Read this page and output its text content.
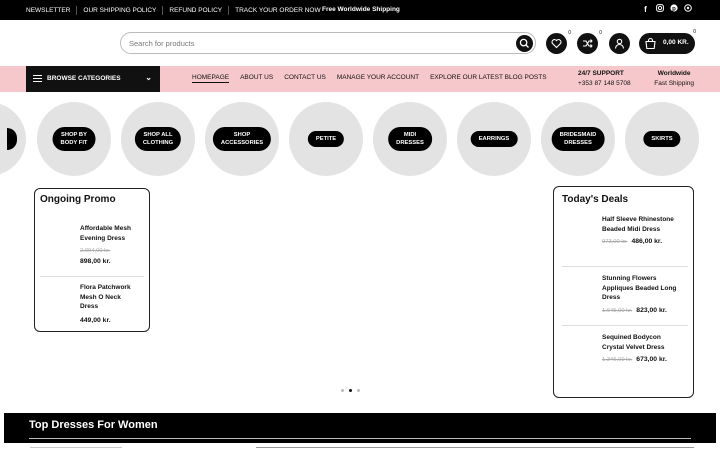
NEWSLETTER	OUR SHIPPING POLICY	REFUND POLICY	TRACK YOUR ORDER NOW Free Worldwide Shipping	f	p
Search for products
0	0
0,00 KR.
0
BROWSE CATEGORIES	⌄	HOMEPAGE ABOUT US CONTACT US MANAGE YOUR ACCOUNT EXPLORE OUR LATEST BLOG POSTS
24/7 SUPPORT
+353 87 148 5708
Worldwide
Fast Shipping
SHOP BY
BODY FIT
SHOP ALL
CLOTHING
SHOP
ACCESSORIES
PETITE
MIDI
DRESSES
EARRINGS
BRIDESMAID
DRESSES
SKIRTS
Ongoing Promo
Affordable Mesh
Evening Dress
2.094,00 kr.
898,00 kr.
Flora Patchwork
Mesh O Neck
Dress
449,00 kr.
Today's Deals
Half Sleeve Rhinestone
Beaded Midi Dress
973,00 kr. 486,00 kr.
Stunning Flowers
Appliques Beaded Long
Dress
1.645,00 kr. 823,00 kr.
Sequined Bodycon
Crystal Velvet Dress
1.346,00 kr. 673,00 kr.
Top Dresses For Women
